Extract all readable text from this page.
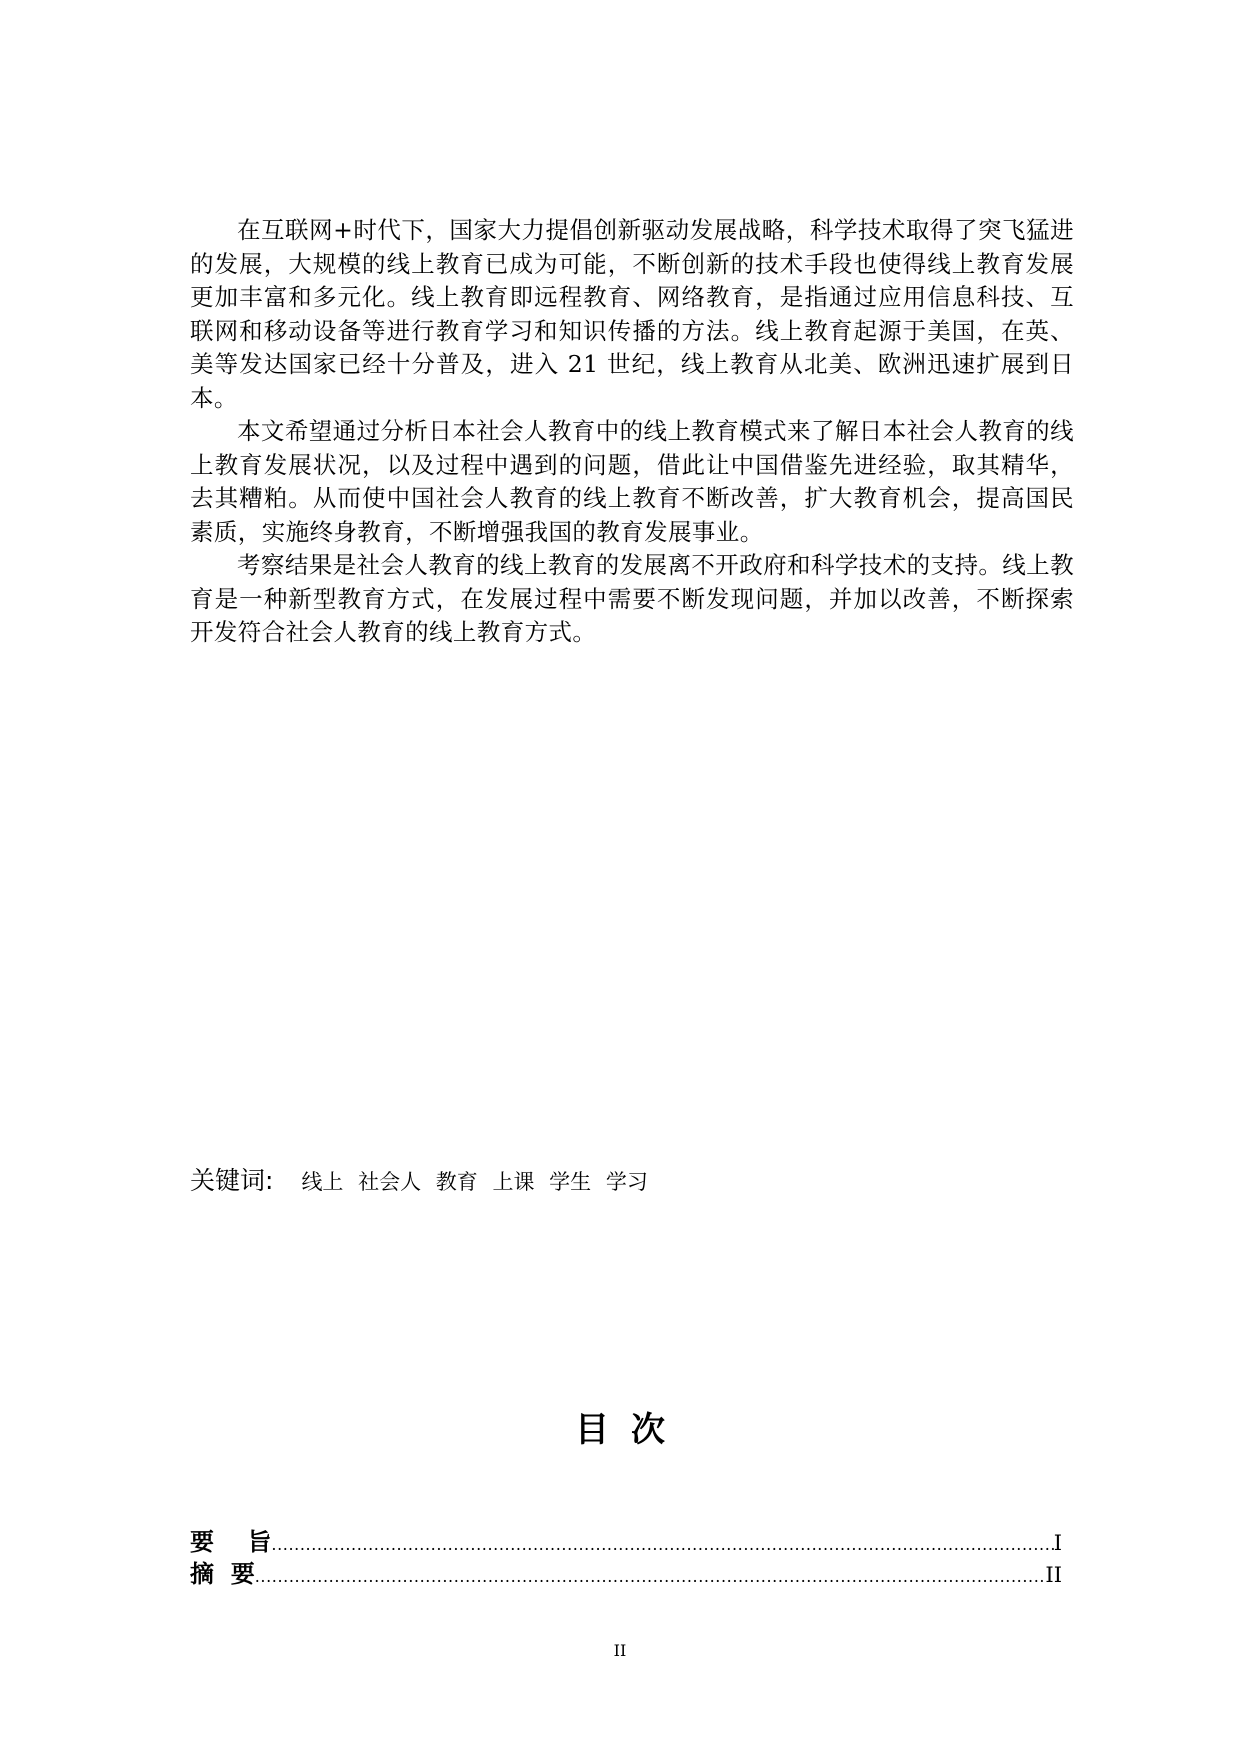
在互联网+时代下，国家大力提倡创新驱动发展战略，科学技术取得了突飞猛进的发展，大规模的线上教育已成为可能，不断创新的技术手段也使得线上教育发展更加丰富和多元化。线上教育即远程教育、网络教育，是指通过应用信息科技、互联网和移动设备等进行教育学习和知识传播的方法。线上教育起源于美国，在英、美等发达国家已经十分普及，进入 21 世纪，线上教育从北美、欧洲迅速扩展到日本。

本文希望通过分析日本社会人教育中的线上教育模式来了解日本社会人教育的线上教育发展状况，以及过程中遇到的问题，借此让中国借鉴先进经验，取其精华，去其糟粕。从而使中国社会人教育的线上教育不断改善，扩大教育机会，提高国民素质，实施终身教育，不断增强我国的教育发展事业。

考察结果是社会人教育的线上教育的发展离不开政府和科学技术的支持。线上教育是一种新型教育方式，在发展过程中需要不断发现问题，并加以改善，不断探索开发符合社会人教育的线上教育方式。

关键词: 线上 社会人 教育 上课 学生 学习
目次
要    旨 .....	I
摘  要 .....	II
II
